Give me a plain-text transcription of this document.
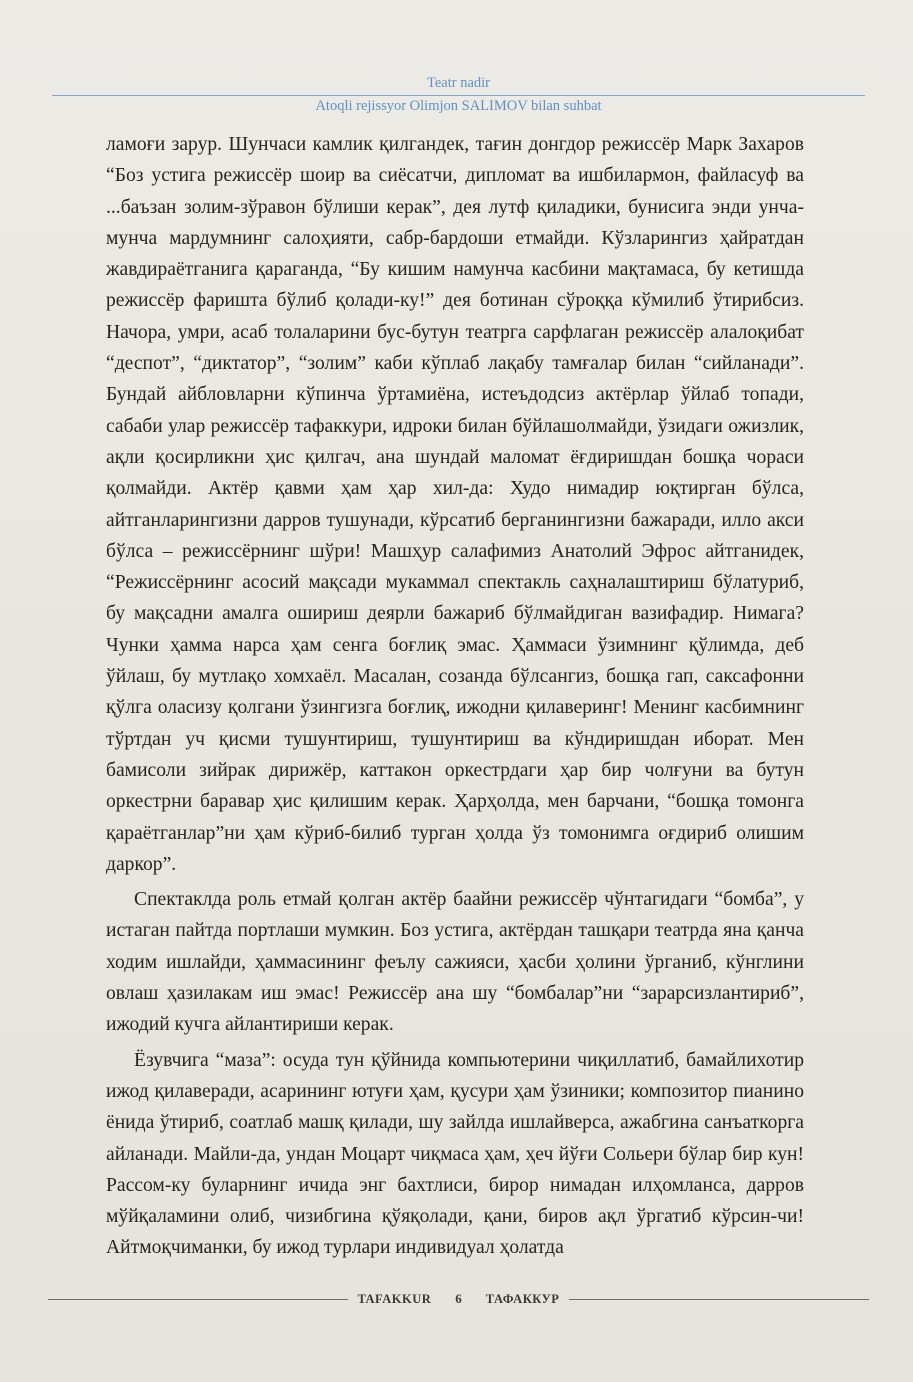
Teatr nadir
Atoqli rejissyor Olimjon SALIMOV bilan suhbat

ламоғи зарур. Шунчаси камлик қилгандек, тағин донгдор режиссёр Марк Захаров “Боз устига режиссёр шоир ва сиёсатчи, дипломат ва ишбилармон, файласуф ва ...баъзан золим-зўравон бўлиши керак”, дея лутф қиладики, бунисига энди унча-мунча мардумнинг салоҳияти, сабр-бардоши етмайди. Кўзларингиз ҳайратдан жавдираётганига қараганда, “Бу кишим намунча касбини мақтамаса, бу кетишда режиссёр фаришта бўлиб қолади-ку!” дея ботинан сўроққа кўмилиб ўтирибсиз. Начора, умри, асаб толаларини бус-бутун театрга сарфлаган режиссёр алалоқибат “деспот”, “диктатор”, “золим” каби кўплаб лақабу тамғалар билан “сийланади”. Бундай айбловларни кўпинча ўртамиёна, истеъдодсиз актёрлар ўйлаб топади, сабаби улар режиссёр тафаккури, идроки билан бўйлашолмайди, ўзидаги ожизлик, ақли қосирликни ҳис қилгач, ана шундай маломат ёғдиришдан бошқа чораси қолмайди. Актёр қавми ҳам ҳар хил-да: Худо нимадир юқтирган бўлса, айтганларингизни дарров тушунади, кўрсатиб берганингизни бажаради, илло акси бўлса – режиссёрнинг шўри! Машҳур салафимиз Анатолий Эфрос айтганидек, “Режиссёрнинг асосий мақсади мукаммал спектакль саҳналаштириш бўлатуриб, бу мақсадни амалга ошириш деярли бажариб бўлмайдиган вазифадир. Нимага? Чунки ҳамма нарса ҳам сенга боғлиқ эмас. Ҳаммаси ўзимнинг қўлимда, деб ўйлаш, бу мутлақо хомхаёл. Масалан, созанда бўлсангиз, бошқа гап, саксафонни қўлга оласизу қолгани ўзингизга боғлиқ, ижодни қилаверинг! Менинг касбимнинг тўртдан уч қисми тушунтириш, тушунтириш ва кўндиришдан иборат. Мен бамисоли зийрак дирижёр, каттакон оркестрдаги ҳар бир чолғуни ва бутун оркестрни баравар ҳис қилишим керак. Ҳарҳолда, мен барчани, “бошқа томонга қараётганлар”ни ҳам кўриб-билиб турган ҳолда ўз томонимга оғдириб олишим даркор”.

Спектаклда роль етмай қолган актёр баайни режиссёр чўнтагидаги “бомба”, у истаган пайтда портлаши мумкин. Боз устига, актёрдан ташқари театрда яна қанча ходим ишлайди, ҳаммасининг феълу сажияси, ҳасби ҳолини ўрганиб, кўнглини овлаш ҳазилакам иш эмас! Режиссёр ана шу “бомбалар”ни “зарарсизлантириб”, ижодий кучга айлантириши керак.

Ёзувчига “маза”: осуда тун қўйнида компьютерини чиқиллатиб, бамайлихотир ижод қилаверади, асарининг ютуғи ҳам, қусури ҳам ўзиники; композитор пианино ёнида ўтириб, соатлаб машқ қилади, шу зайлда ишлайверса, ажабгина санъаткорга айланади. Майли-да, ундан Моцарт чиқмаса ҳам, ҳеч йўғи Сольери бўлар бир кун! Рассом-ку буларнинг ичида энг бахтлиси, бирор нимадан илҳомланса, дарров мўйқаламини олиб, чизибгина қўяқолади, қани, биров ақл ўргатиб кўрсин-чи! Айтмоқчиманки, бу ижод турлари индивидуал ҳолатда

TAFAKKUR	6	ТАФАККУР
